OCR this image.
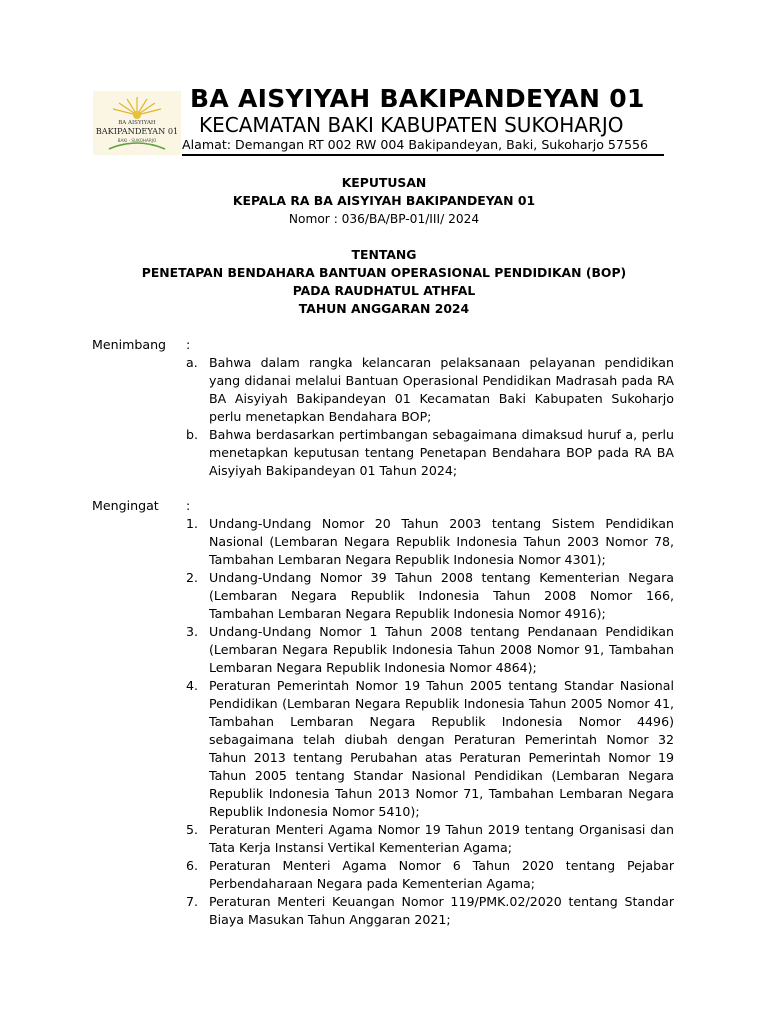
BA AISYIYAH
BAKIPANDEYAN 01
BAKI · SUKOHARJO
BA AISYIYAH BAKIPANDEYAN 01
KECAMATAN BAKI KABUPATEN SUKOHARJO
Alamat: Demangan RT 002 RW 004 Bakipandeyan, Baki, Sukoharjo 57556
KEPUTUSAN
KEPALA RA BA AISYIYAH BAKIPANDEYAN 01
Nomor : 036/BA/BP-01/III/ 2024
TENTANG
PENETAPAN BENDAHARA BANTUAN OPERASIONAL PENDIDIKAN (BOP)
PADA RAUDHATUL ATHFAL
TAHUN ANGGARAN 2024
Menimbang :
a. Bahwa dalam rangka kelancaran pelaksanaan pelayanan pendidikan yang didanai melalui Bantuan Operasional Pendidikan Madrasah pada RA BA Aisyiyah Bakipandeyan 01 Kecamatan Baki Kabupaten Sukoharjo perlu menetapkan Bendahara BOP;
b. Bahwa berdasarkan pertimbangan sebagaimana dimaksud huruf a, perlu menetapkan keputusan tentang Penetapan Bendahara BOP pada RA BA Aisyiyah Bakipandeyan 01 Tahun 2024;
Mengingat :
1. Undang-Undang Nomor 20 Tahun 2003 tentang Sistem Pendidikan Nasional (Lembaran Negara Republik Indonesia Tahun 2003 Nomor 78, Tambahan Lembaran Negara Republik Indonesia Nomor 4301);
2. Undang-Undang Nomor 39 Tahun 2008 tentang Kementerian Negara (Lembaran Negara Republik Indonesia Tahun 2008 Nomor 166, Tambahan Lembaran Negara Republik Indonesia Nomor 4916);
3. Undang-Undang Nomor 1 Tahun 2008 tentang Pendanaan Pendidikan (Lembaran Negara Republik Indonesia Tahun 2008 Nomor 91, Tambahan Lembaran Negara Republik Indonesia Nomor 4864);
4. Peraturan Pemerintah Nomor 19 Tahun 2005 tentang Standar Nasional Pendidikan (Lembaran Negara Republik Indonesia Tahun 2005 Nomor 41, Tambahan Lembaran Negara Republik Indonesia Nomor 4496) sebagaimana telah diubah dengan Peraturan Pemerintah Nomor 32 Tahun 2013 tentang Perubahan atas Peraturan Pemerintah Nomor 19 Tahun 2005 tentang Standar Nasional Pendidikan (Lembaran Negara Republik Indonesia Tahun 2013 Nomor 71, Tambahan Lembaran Negara Republik Indonesia Nomor 5410);
5. Peraturan Menteri Agama Nomor 19 Tahun 2019 tentang Organisasi dan Tata Kerja Instansi Vertikal Kementerian Agama;
6. Peraturan Menteri Agama Nomor 6 Tahun 2020 tentang Pejabar Perbendaharaan Negara pada Kementerian Agama;
7. Peraturan Menteri Keuangan Nomor 119/PMK.02/2020 tentang Standar Biaya Masukan Tahun Anggaran 2021;
